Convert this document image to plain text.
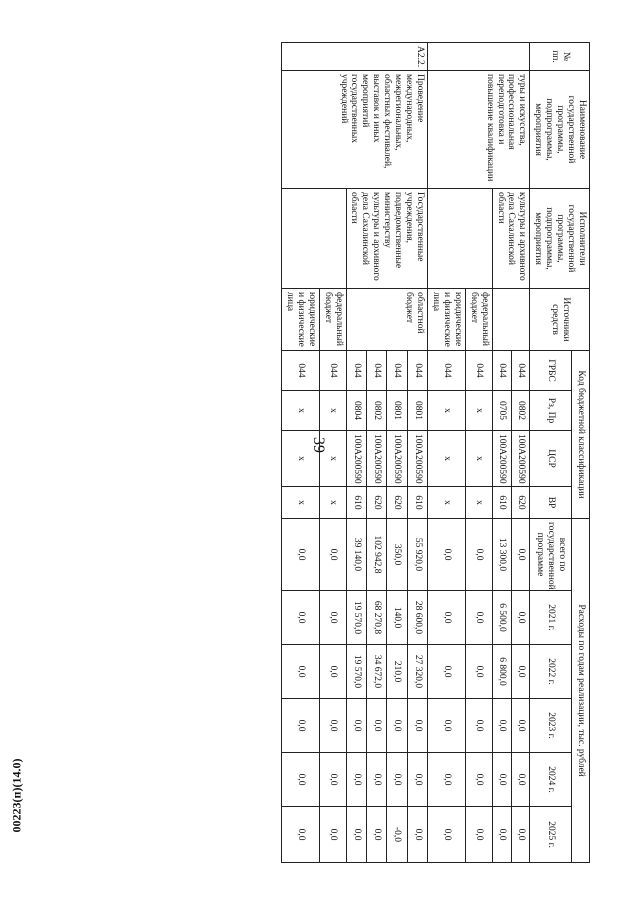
39
00223(п)(14.0)
№ пп.	Наименование государственной программы, подпрограммы, мероприятия	Исполнители государственной программы, подпрограммы, мероприятия	Источники средств	Код бюджетной классификации				Расходы по годам реализации, тыс. рублей					
				ГРБС	Рз, Пр	ЦСР	ВР	всего по государственной программе	2021 г.	2022 г.	2023 г.	2024 г.	2025 г.
	туры и искусства, профессиональная переподготовка и повышение квалификации	культуры и архивного дела Сахалинской области		044	0802	100А200590	620	0,0	0,0	0,0	0,0	0,0	0,0
				044	0705	100А200590	610	13 300,0	6 500,0	6 800,0	0,0	0,0	0,0
			федеральный бюджет	044	х	х	х	0,0	0,0	0,0	0,0	0,0	0,0
			юридические и физические лица	044	х	х	х	0,0	0,0	0,0	0,0	0,0	0,0
А2.2.	Проведение международных, межрегиональных, областных фестивалей, выставок и иных мероприятий государственных учреждений	Государственные учреждения, подведомственные министерству культуры и архивного дела Сахалинской области	областной бюджет	044	0801	100А200590	610	55 920,0	28 600,0	27 320,0	0,0	0,0	0,0
				044	0801	100А200590	620	350,0	140,0	210,0	0,0	0,0	-0,0
				044	0802	100А200590	620	102 942,8	68 270,8	34 672,0	0,0	0,0	0,0
				044	0804	100А200590	610	39 140,0	19 570,0	19 570,0	0,0	0,0	0,0
			федеральный бюджет	044	х	х	х	0,0	0,0	0,0	0,0	0,0	0,0
			юридические и физические лица	044	х	х	х	0,0	0,0	0,0	0,0	0,0	0,0
